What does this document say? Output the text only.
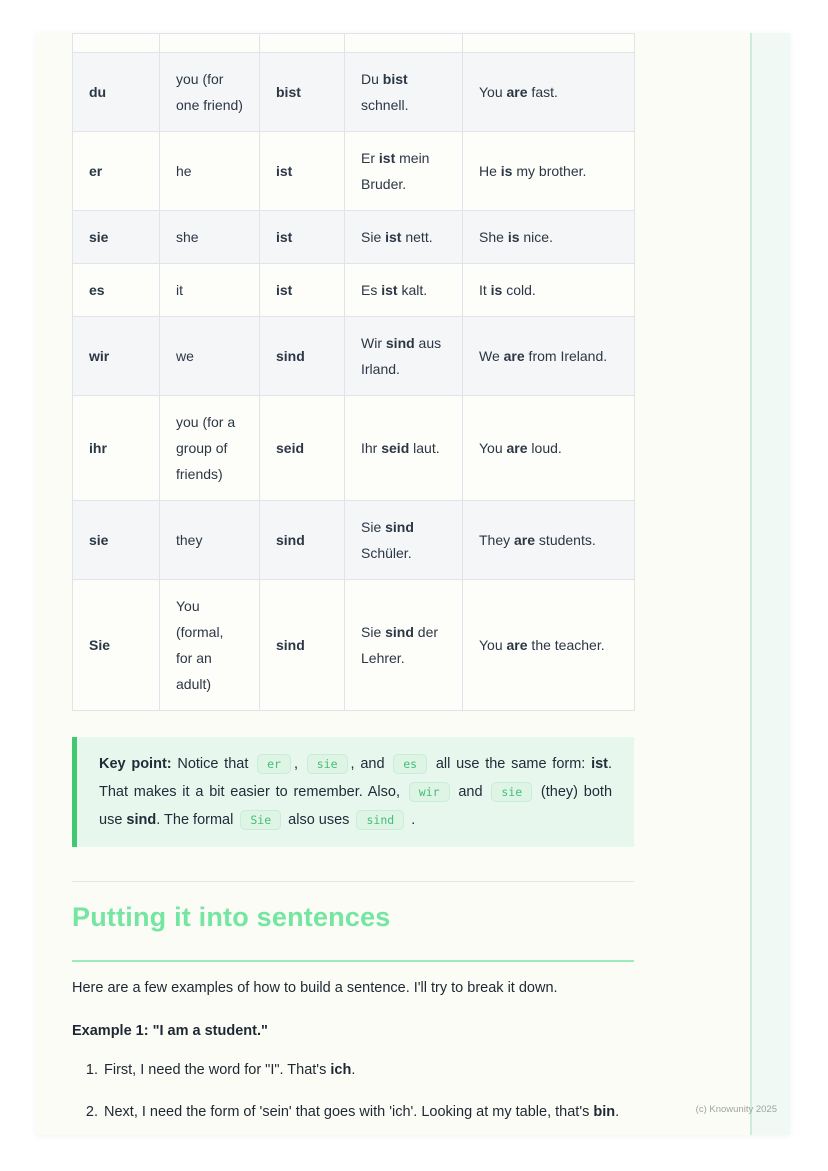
du	you (for one friend)	bist	Du bist schnell.	You are fast.
er	he	ist	Er ist mein Bruder.	He is my brother.
sie	she	ist	Sie ist nett.	She is nice.
es	it	ist	Es ist kalt.	It is cold.
wir	we	sind	Wir sind aus Irland.	We are from Ireland.
ihr	you (for a group of friends)	seid	Ihr seid laut.	You are loud.
sie	they	sind	Sie sind Schüler.	They are students.
Sie	You (formal, for an adult)	sind	Sie sind der Lehrer.	You are the teacher.

Key point: Notice that er , sie , and es all use the same form: ist. That makes it a bit easier to remember. Also, wir and sie (they) both use sind. The formal Sie also uses sind .

Putting it into sentences

Here are a few examples of how to build a sentence. I'll try to break it down.

Example 1: "I am a student."

1. First, I need the word for "I". That's ich.
2. Next, I need the form of 'sein' that goes with 'ich'. Looking at my table, that's bin.	(c) Knowunity 2025
